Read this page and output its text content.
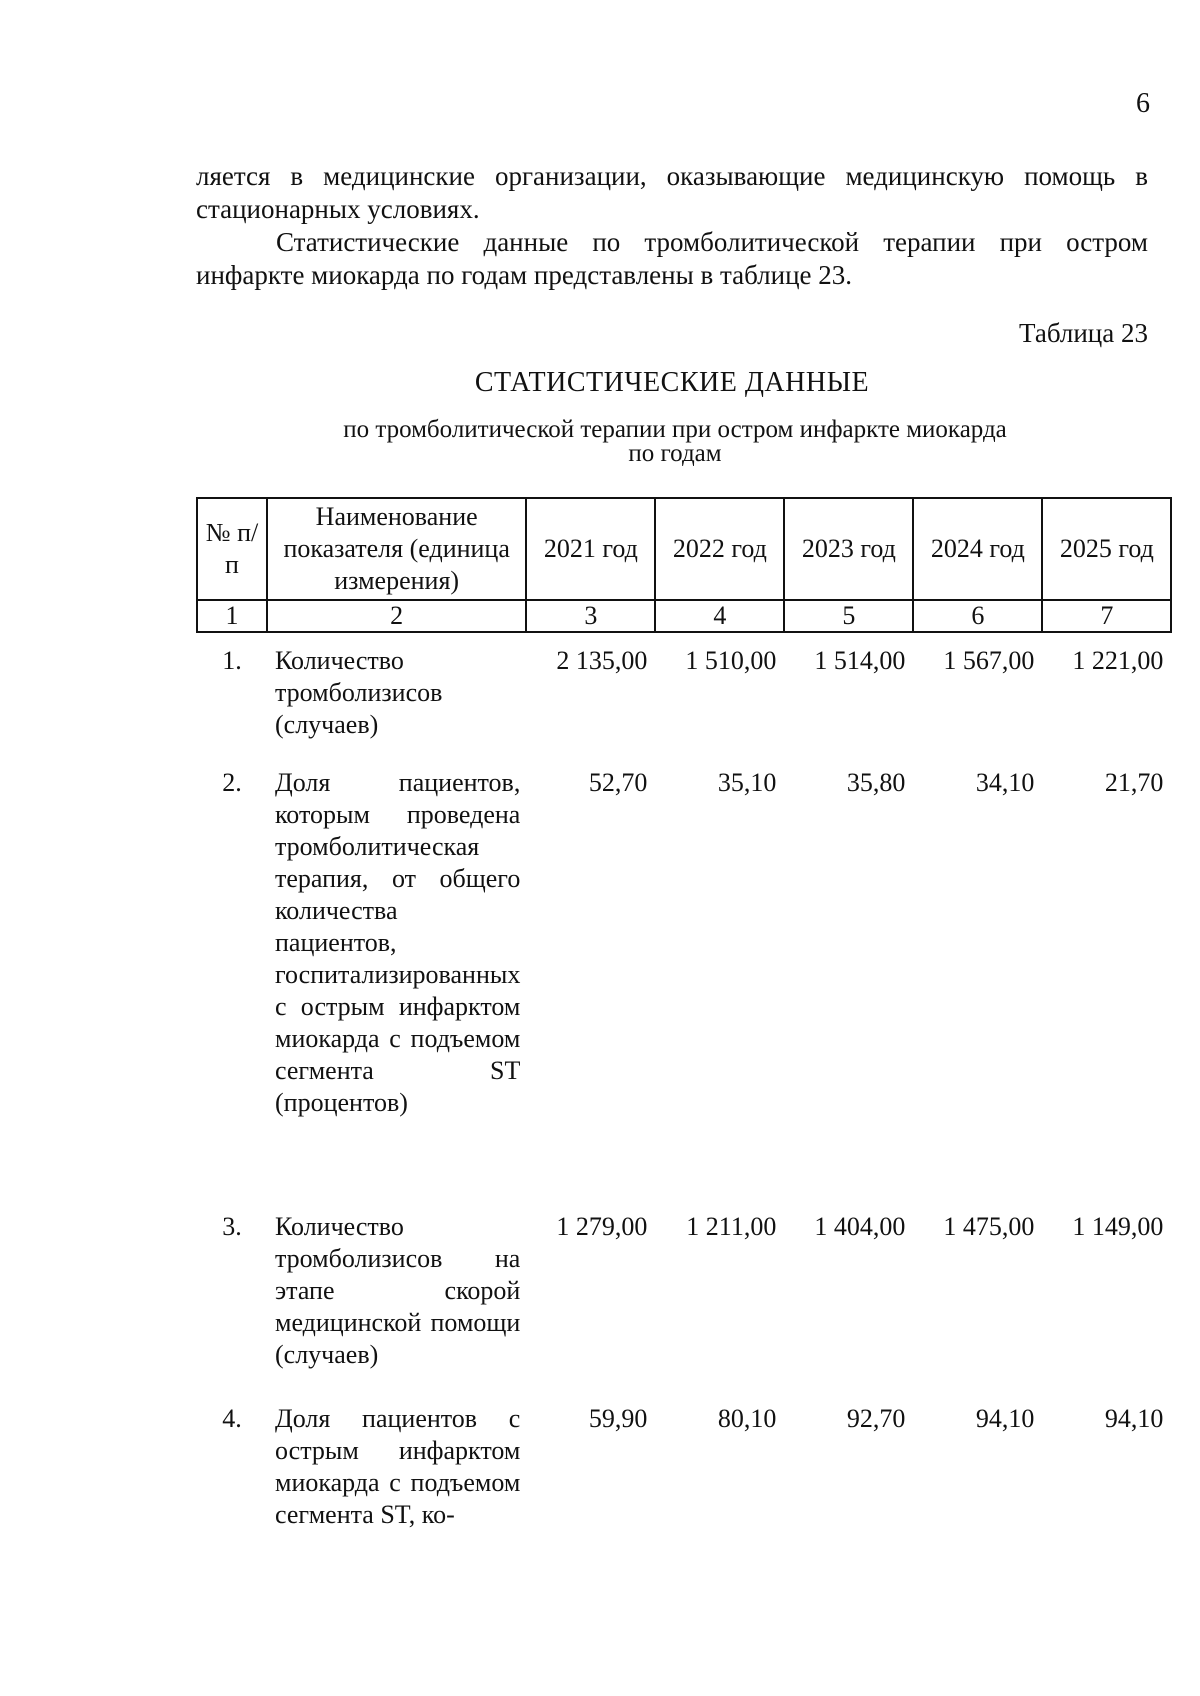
6

ляется в медицинские организации, оказывающие медицинскую помощь в стационарных условиях.

Статистические данные по тромболитической терапии при остром инфаркте миокарда по годам представлены в таблице 23.

Таблица 23
СТАТИСТИЧЕСКИЕ ДАННЫЕ
по тромболитической терапии при остром инфаркте миокарда
по годам
№ п/п	Наименование показателя (единица измерения)	2021 год	2022 год	2023 год	2024 год	2025 год
1	2	3	4	5	6	7
1.	Количество тромболизисов (случаев)	2 135,00	1 510,00	1 514,00	1 567,00	1 221,00
2.	Доля пациентов, которым проведена тромболитическая терапия, от общего количества пациентов, госпитализированных с острым инфарктом миокарда с подъемом сегмента ST (процентов)	52,70	35,10	35,80	34,10	21,70
3.	Количество тромболизисов на этапе скорой медицинской помощи (случаев)	1 279,00	1 211,00	1 404,00	1 475,00	1 149,00
4.	Доля пациентов с острым инфарктом миокарда с подъемом сегмента ST, ко-	59,90	80,10	92,70	94,10	94,10
